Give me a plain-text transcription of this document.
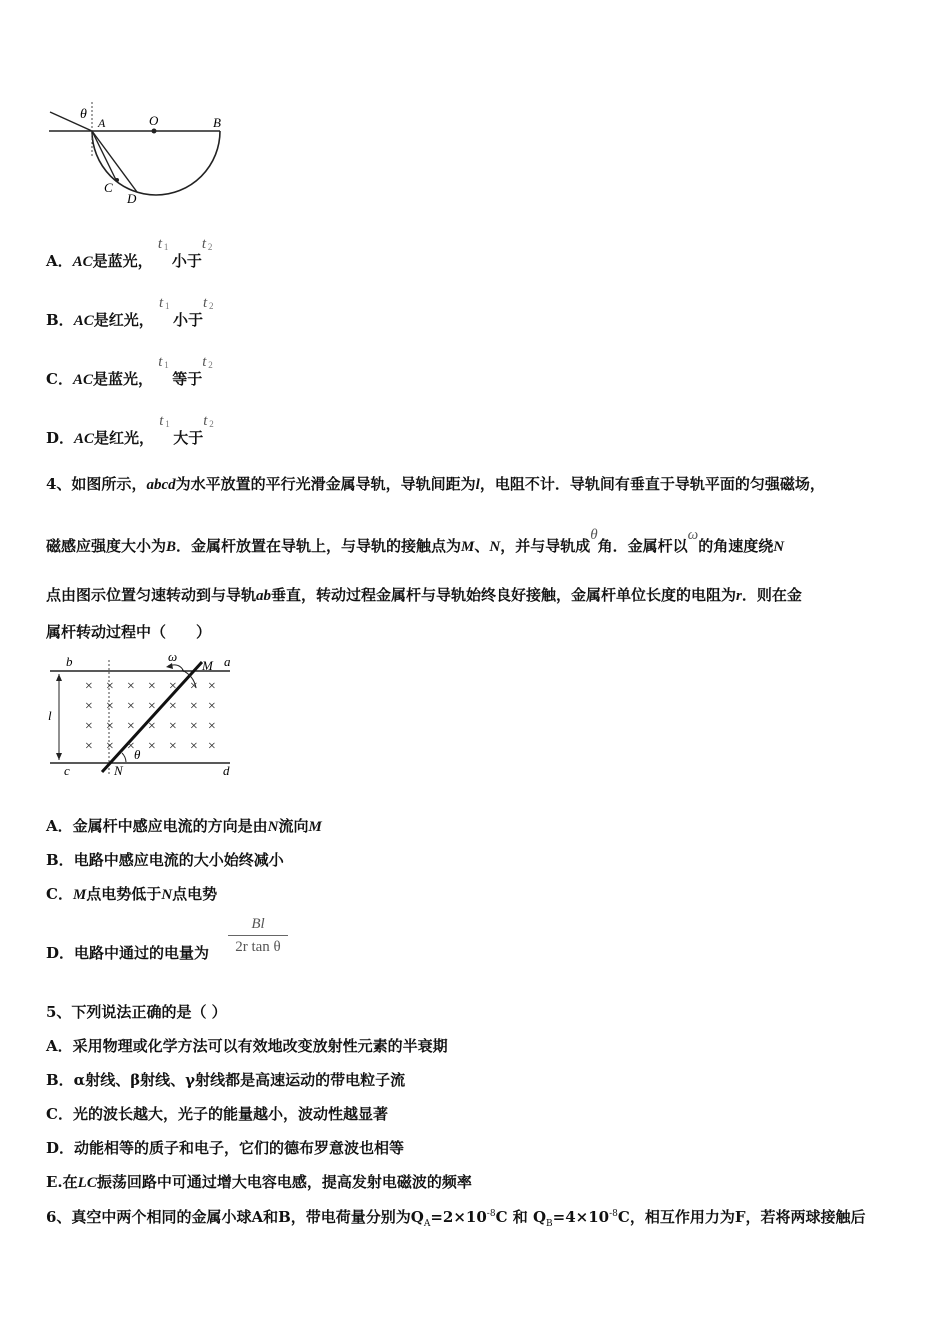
θ
A	O	B
C
D
A．AC是蓝光，
t 1
小于
t 2
B．AC是红光，
t 1
小于
t 2
C．AC是蓝光，
t 1
等于
t 2
D．AC是红光，
t 1
大于
t 2
4、如图所示，abcd为水平放置的平行光滑金属导轨，导轨间距为l，电阻不计．导轨间有垂直于导轨平面的匀强磁场，
磁感应强度大小为B．金属杆放置在导轨上，与导轨的接触点为M、N，并与导轨成θ角．金属杆以ω的角速度绕N
点由图示位置匀速转动到与导轨ab垂直，转动过程金属杆与导轨始终良好接触，金属杆单位长度的电阻为r．则在金
属杆转动过程中（　　）
× × × × × × ×
× × × × × × ×
× × × × × × ×
× × × × × × ×
b	a
c	d
l
M
N
ω
θ
A．金属杆中感应电流的方向是由N流向M
B．电路中感应电流的大小始终减小
C．M点电势低于N点电势
D．电路中通过的电量为
Bl
2r tan θ
5、下列说法正确的是（ ）
A．采用物理或化学方法可以有效地改变放射性元素的半衰期
B．α射线、β射线、γ射线都是高速运动的带电粒子流
C．光的波长越大，光子的能量越小，波动性越显著
D．动能相等的质子和电子，它们的德布罗意波也相等
E.在LC振荡回路中可通过增大电容电感，提高发射电磁波的频率
6、真空中两个相同的金属小球A和B，带电荷量分别为$Q_A=2\times 10^{-8}C$ 和 $Q_B=4\times 10^{-8}C$，相互作用力为F，若将两球接触后
